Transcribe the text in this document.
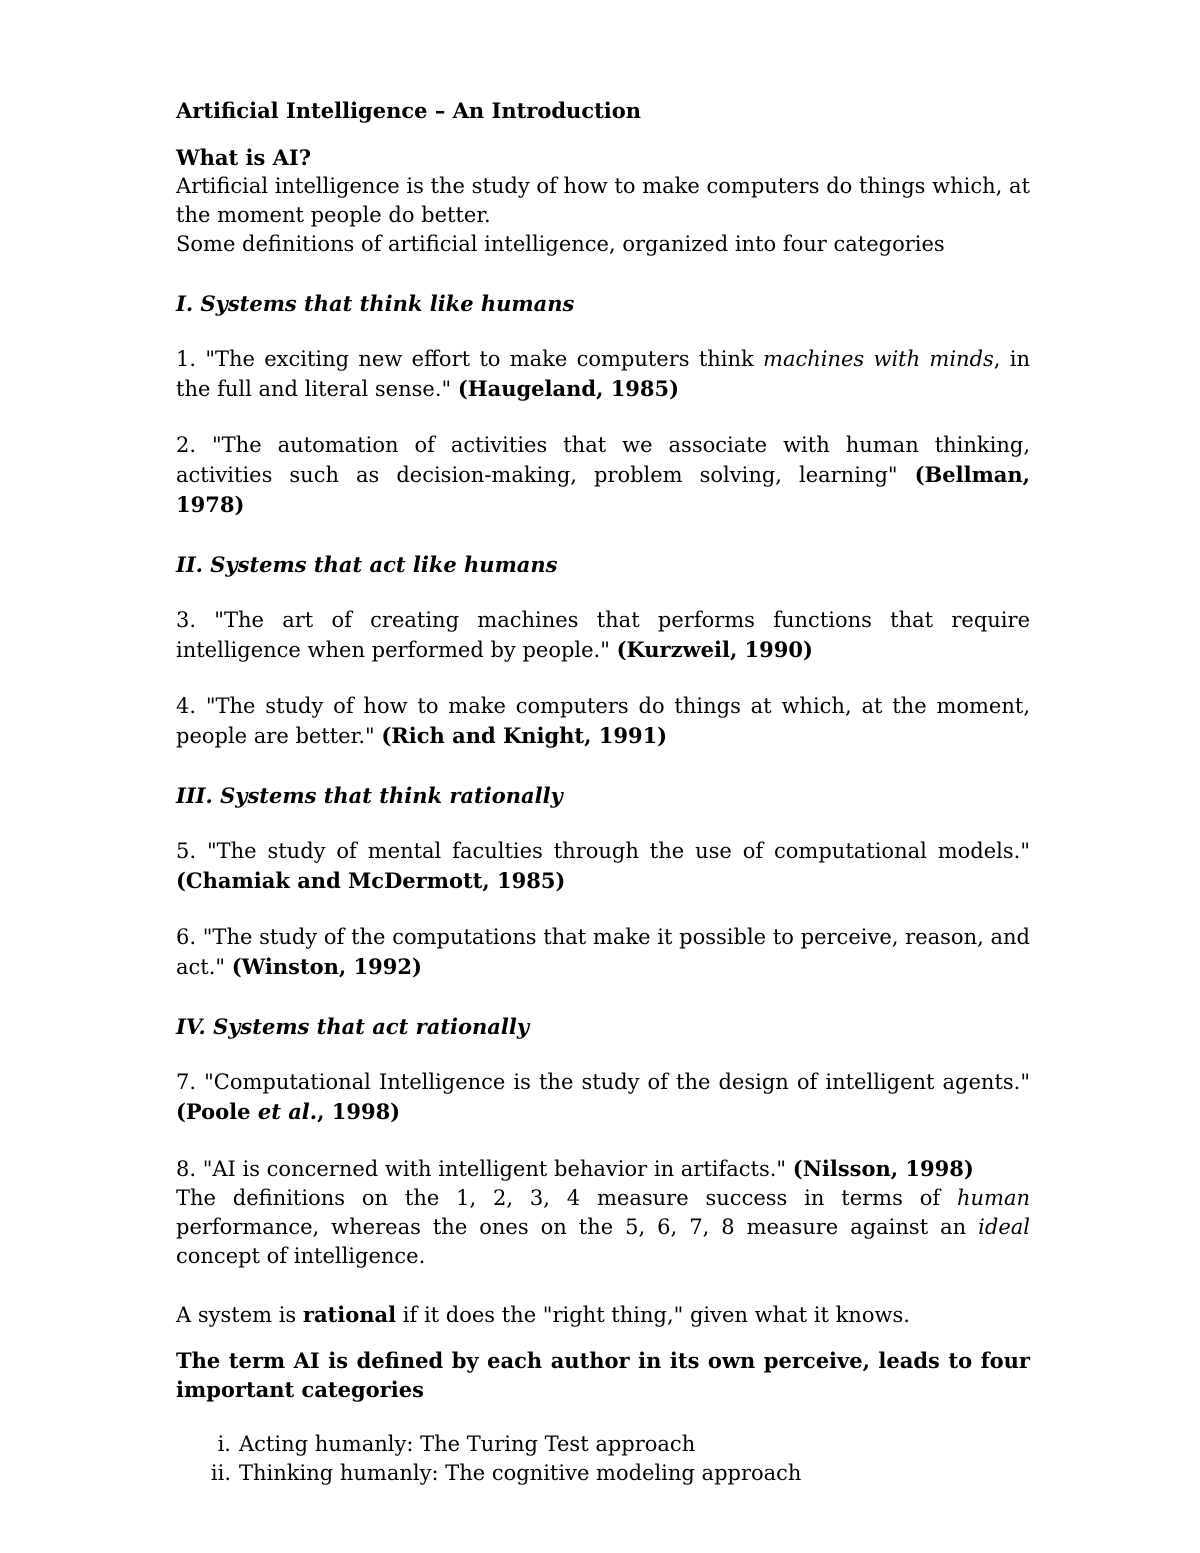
Artificial Intelligence – An Introduction

What is AI?

Artificial intelligence is the study of how to make computers do things which, at the moment people do better.

Some definitions of artificial intelligence, organized into four categories

I. Systems that think like humans

1. "The exciting new effort to make computers think machines with minds, in the full and literal sense." (Haugeland, 1985)

2. "The automation of activities that we associate with human thinking, activities such as decision-making, problem solving, learning" (Bellman, 1978)

II. Systems that act like humans

3. "The art of creating machines that performs functions that require intelligence when performed by people." (Kurzweil, 1990)

4. "The study of how to make computers do things at which, at the moment, people are better." (Rich and Knight, 1991)

III. Systems that think rationally

5. "The study of mental faculties through the use of computational models." (Chamiak and McDermott, 1985)

6. "The study of the computations that make it possible to perceive, reason, and act." (Winston, 1992)

IV. Systems that act rationally

7. "Computational Intelligence is the study of the design of intelligent agents." (Poole et al., 1998)

8. "AI is concerned with intelligent behavior in artifacts." (Nilsson, 1998)

The definitions on the 1, 2, 3, 4 measure success in terms of human performance, whereas the ones on the 5, 6, 7, 8 measure against an ideal concept of intelligence.

A system is rational if it does the "right thing," given what it knows.

The term AI is defined by each author in its own perceive, leads to four important categories

i. Acting humanly: The Turing Test approach
ii. Thinking humanly: The cognitive modeling approach
